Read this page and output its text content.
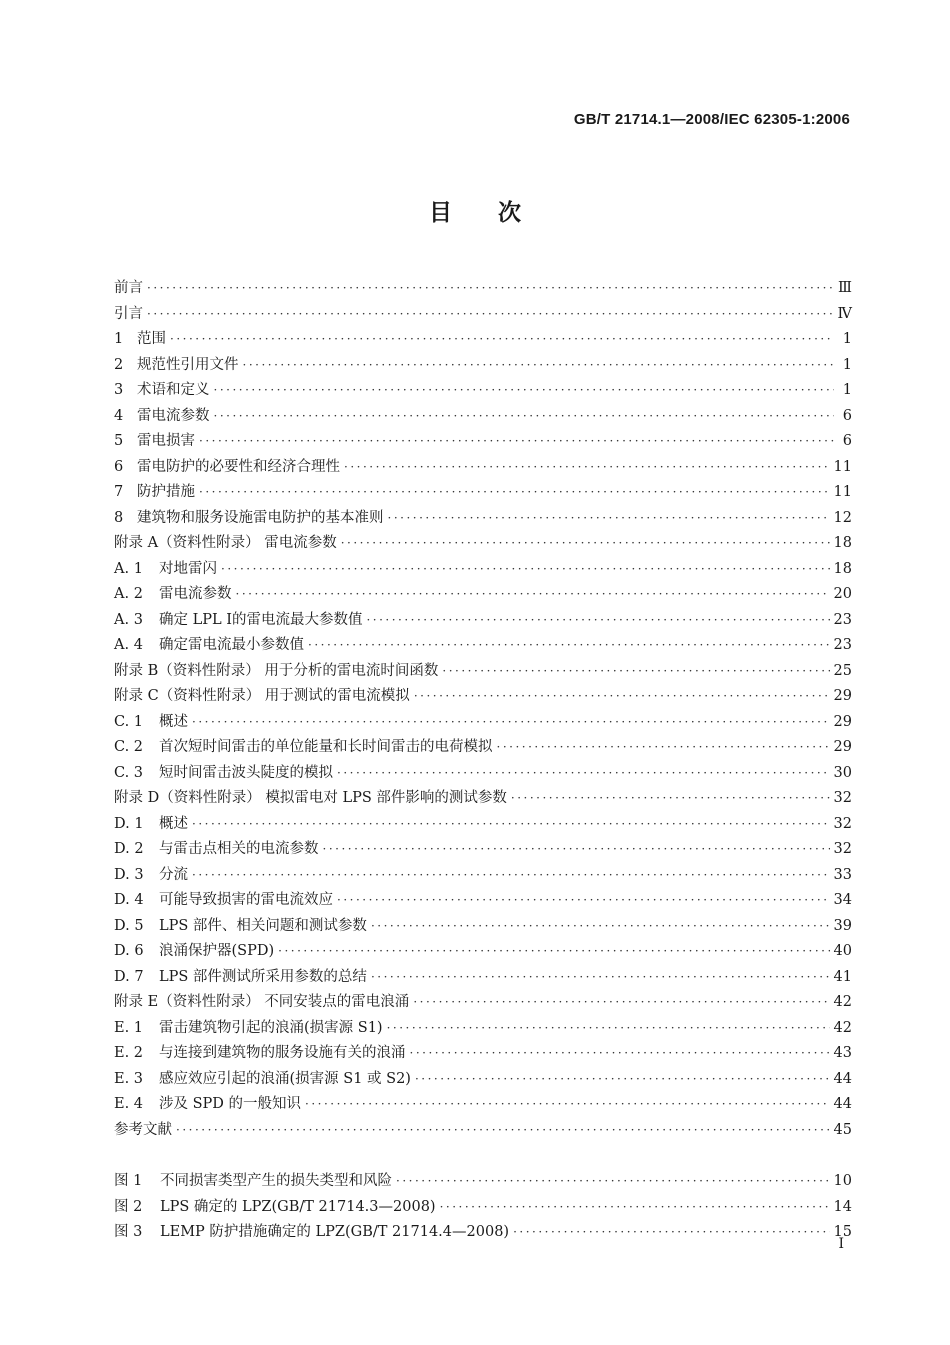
GB/T 21714.1—2008/IEC 62305-1:2006
目次
前言 ·····	Ⅲ
引言 ·····	Ⅳ
1 范围 ·····	1
2 规范性引用文件 ·····	1
3 术语和定义 ·····	1
4 雷电流参数 ·····	6
5 雷电损害 ·····	6
6 雷电防护的必要性和经济合理性 ·····	11
7 防护措施 ·····	11
8 建筑物和服务设施雷电防护的基本准则 ·····	12
附录 A（资料性附录） 雷电流参数 ·····	18
A. 1	对地雷闪 ·····	18
A. 2	雷电流参数 ·····	20
A. 3	确定 LPL Ⅰ的雷电流最大参数值 ·····	23
A. 4	确定雷电流最小参数值 ·····	23
附录 B（资料性附录） 用于分析的雷电流时间函数 ·····	25
附录 C（资料性附录） 用于测试的雷电流模拟 ·····	29
C. 1	概述 ·····	29
C. 2	首次短时间雷击的单位能量和长时间雷击的电荷模拟 ·····	29
C. 3	短时间雷击波头陡度的模拟 ·····	30
附录 D（资料性附录） 模拟雷电对 LPS 部件影响的测试参数 ·····	32
D. 1	概述 ·····	32
D. 2	与雷击点相关的电流参数 ·····	32
D. 3	分流 ·····	33
D. 4	可能导致损害的雷电流效应 ·····	34
D. 5	LPS 部件、相关问题和测试参数 ·····	39
D. 6	浪涌保护器(SPD) ·····	40
D. 7	LPS 部件测试所采用参数的总结 ·····	41
附录 E（资料性附录） 不同安装点的雷电浪涌 ·····	42
E. 1	雷击建筑物引起的浪涌(损害源 S1) ·····	42
E. 2	与连接到建筑物的服务设施有关的浪涌 ·····	43
E. 3	感应效应引起的浪涌(损害源 S1 或 S2) ·····	44
E. 4	涉及 SPD 的一般知识 ·····	44
参考文献 ·····	45
图 1	不同损害类型产生的损失类型和风险 ·····	10
图 2	LPS 确定的 LPZ(GB/T 21714.3—2008) ·····	14
图 3	LEMP 防护措施确定的 LPZ(GB/T 21714.4—2008) ·····	15
Ⅰ
